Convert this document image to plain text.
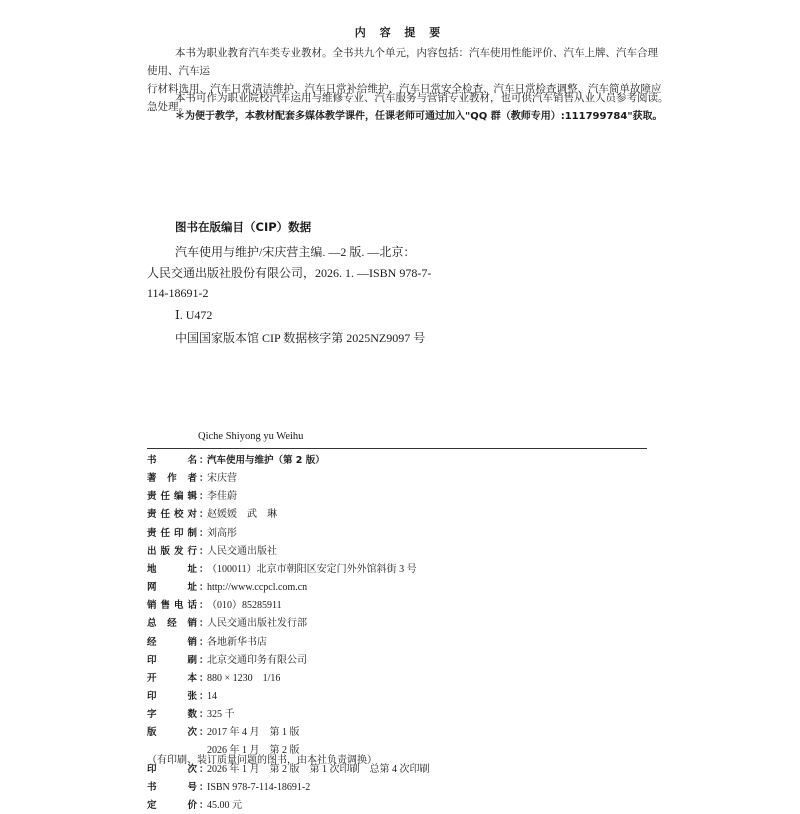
内 容 提 要
本书为职业教育汽车类专业教材。全书共九个单元，内容包括：汽车使用性能评价、汽车上牌、汽车合理使用、汽车运
行材料选用、汽车日常清洁维护、汽车日常补给维护、汽车日常安全检查、汽车日常检查调整、汽车简单故障应急处理。
本书可作为职业院校汽车运用与维修专业、汽车服务与营销专业教材，也可供汽车销售从业人员参考阅读。
＊为便于教学，本教材配套多媒体教学课件，任课老师可通过加入"QQ 群（教师专用）:111799784"获取。
图书在版编目（CIP）数据
汽车使用与维护/宋庆营主编. —2 版. —北京：
人民交通出版社股份有限公司，2026. 1. —ISBN 978-7-
114-18691-2
Ⅰ. U472
中国国家版本馆 CIP 数据核字第 2025NZ9097 号
Qiche Shiyong yu Weihu
书名 ：
汽车使用与维护（第 2 版）
著作者 ：
宋庆营
责任编辑 ：
李佳蔚
责任校对 ：
赵媛媛　武　琳
责任印制 ：
刘高彤
出版发行 ：
人民交通出版社
地址 ：
（100011）北京市朝阳区安定门外外馆斜街 3 号
网址 ：
http://www.ccpcl.com.cn
销售电话 ：
（010）85285911
总经销 ：
人民交通出版社发行部
经销 ：
各地新华书店
印刷 ：
北京交通印务有限公司
开本 ：
880 × 1230　1/16
印张 ：
14
字数 ：
325 千
版次 ：
2017 年 4 月　第 1 版
2026 年 1 月　第 2 版
印次 ：
2026 年 1 月　第 2 版　第 1 次印刷　总第 4 次印刷
书号 ：
ISBN 978-7-114-18691-2
定价 ：
45.00 元
（有印刷、装订质量问题的图书，由本社负责调换）
